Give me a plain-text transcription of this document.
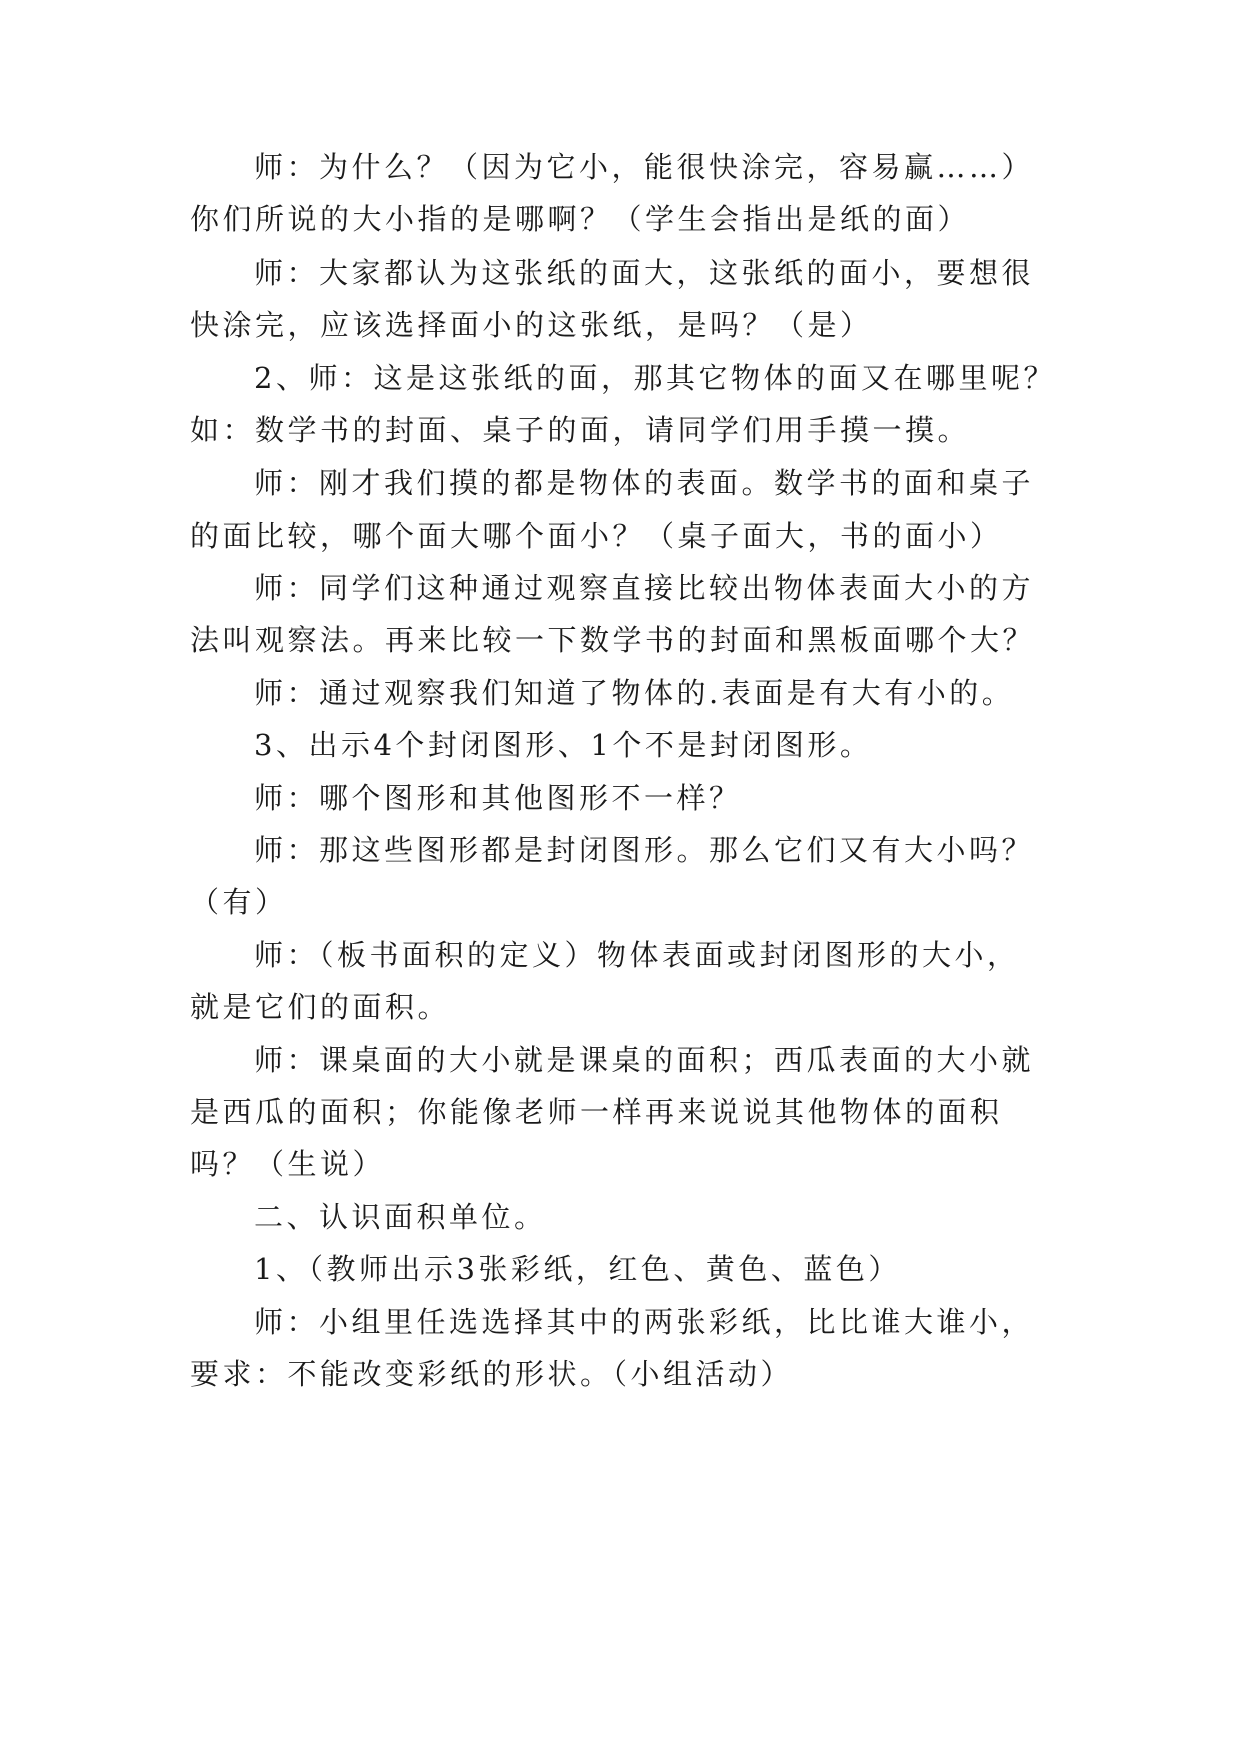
师：为什么？（因为它小，能很快涂完，容易赢……）
你们所说的大小指的是哪啊？（学生会指出是纸的面）
师：大家都认为这张纸的面大，这张纸的面小，要想很
快涂完，应该选择面小的这张纸，是吗？（是）
2、师：这是这张纸的面，那其它物体的面又在哪里呢？
如：数学书的封面、桌子的面，请同学们用手摸一摸。
师：刚才我们摸的都是物体的表面。数学书的面和桌子
的面比较，哪个面大哪个面小？（桌子面大，书的面小）
师：同学们这种通过观察直接比较出物体表面大小的方
法叫观察法。再来比较一下数学书的封面和黑板面哪个大？
师：通过观察我们知道了物体的.表面是有大有小的。
3、出示4个封闭图形、1个不是封闭图形。
师：哪个图形和其他图形不一样？
师：那这些图形都是封闭图形。那么它们又有大小吗？
（有）
师：（板书面积的定义）物体表面或封闭图形的大小，
就是它们的面积。
师：课桌面的大小就是课桌的面积；西瓜表面的大小就
是西瓜的面积；你能像老师一样再来说说其他物体的面积
吗？（生说）
二、认识面积单位。
1、（教师出示3张彩纸，红色、黄色、蓝色）
师：小组里任选选择其中的两张彩纸，比比谁大谁小，
要求：不能改变彩纸的形状。（小组活动）
